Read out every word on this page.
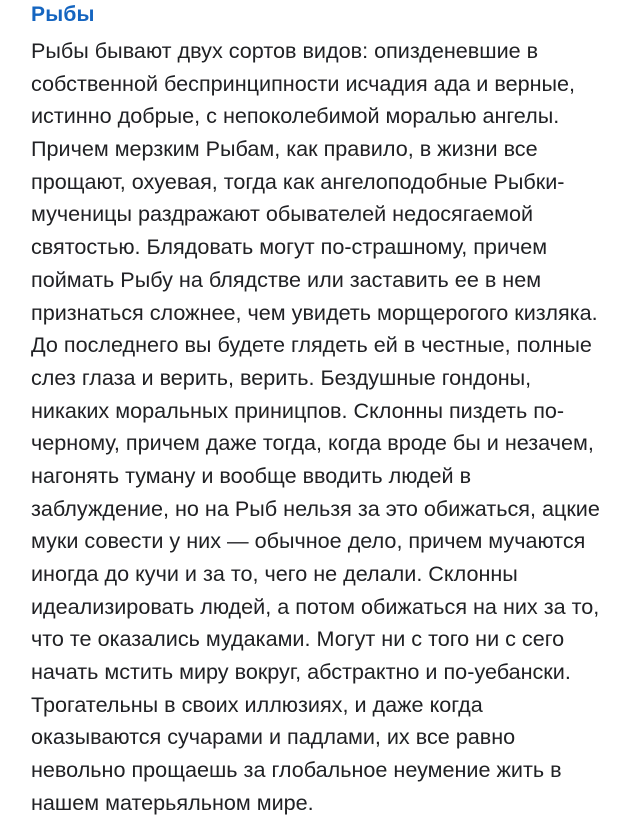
Рыбы
Рыбы бывают двух сортов видов: опизденевшие в
собственной беспринципности исчадия ада и верные,
истинно добрые, с непоколебимой моралью ангелы.
Причем мерзким Рыбам, как правило, в жизни все
прощают, охуевая, тогда как ангелоподобные Рыбки-
мученицы раздражают обывателей недосягаемой
святостью. Блядовать могут по-страшному, причем
поймать Рыбу на блядстве или заставить ее в нем
признаться сложнее, чем увидеть морщерогого кизляка.
До последнего вы будете глядеть ей в честные, полные
слез глаза и верить, верить. Бездушные гондоны,
никаких моральных приницпов. Склонны пиздеть по-
черному, причем даже тогда, когда вроде бы и незачем,
нагонять туману и вообще вводить людей в
заблуждение, но на Рыб нельзя за это обижаться, ацкие
муки совести у них — обычное дело, причем мучаются
иногда до кучи и за то, чего не делали. Склонны
идеализировать людей, а потом обижаться на них за то,
что те оказались мудаками. Могут ни с того ни с сего
начать мстить миру вокруг, абстрактно и по-уебански.
Трогательны в своих иллюзиях, и даже когда
оказываются сучарами и падлами, их все равно
невольно прощаешь за глобальное неумение жить в
нашем матерьяльном мире.
